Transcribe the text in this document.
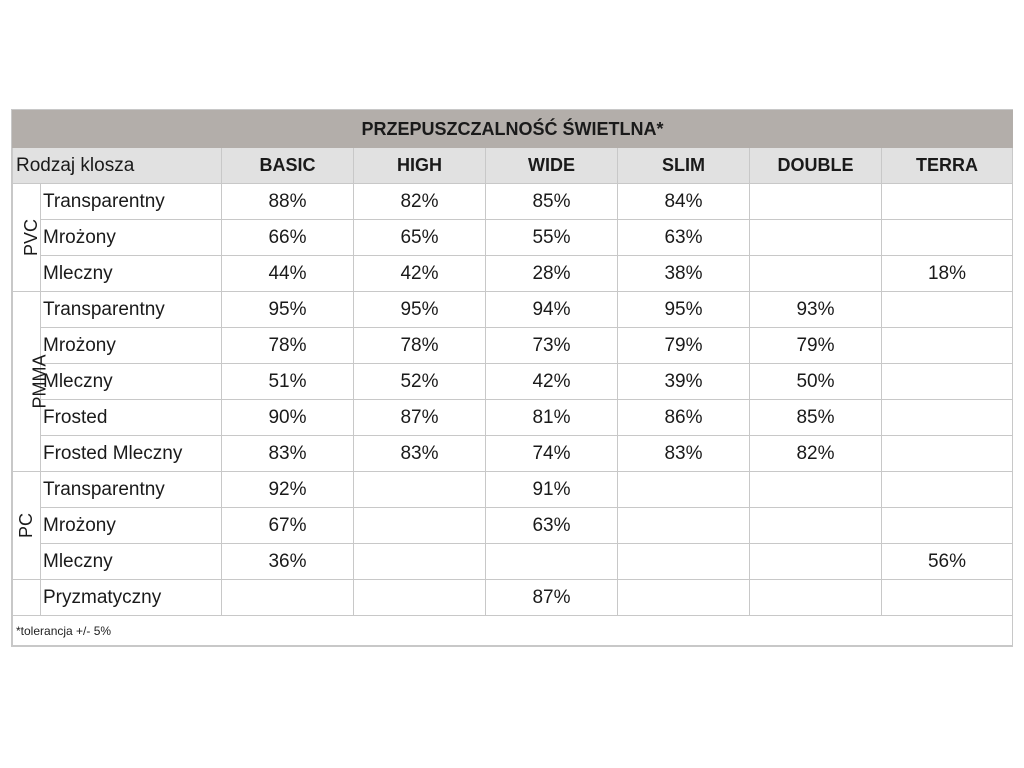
PRZEPUSZCZALNOŚĆ ŚWIETLNA*							
Rodzaj klosza		BASIC	HIGH	WIDE	SLIM	DOUBLE	TERRA
PVC	Transparentny	88%	82%	85%	84%		
	Mrożony	66%	65%	55%	63%		
	Mleczny	44%	42%	28%	38%		18%
PMMA	Transparentny	95%	95%	94%	95%	93%	
	Mrożony	78%	78%	73%	79%	79%	
	Mleczny	51%	52%	42%	39%	50%	
	Frosted	90%	87%	81%	86%	85%	
	Frosted Mleczny	83%	83%	74%	83%	82%	
PC	Transparentny	92%		91%			
	Mrożony	67%		63%			
	Mleczny	36%					56%
	Pryzmatyczny			87%			
*tolerancja +/- 5%							
